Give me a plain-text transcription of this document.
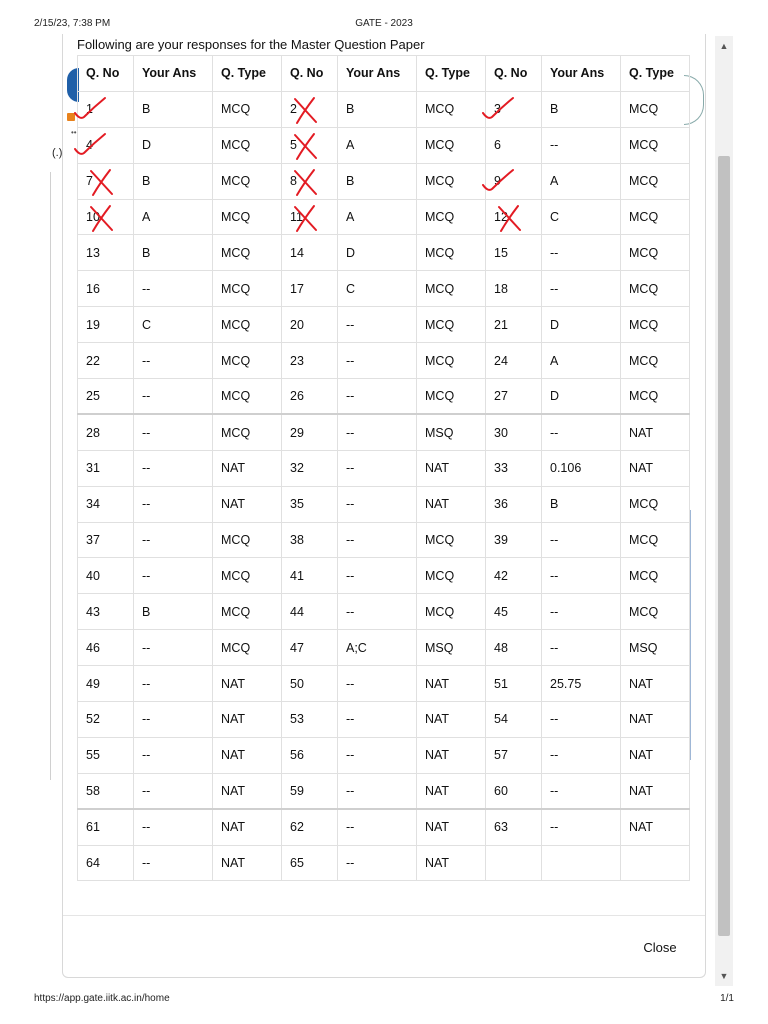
2/15/23, 7:38 PM	GATE - 2023
••
(.)
Following are your responses for the Master Question Paper
Q. No	Your Ans	Q. Type	Q. No	Your Ans	Q. Type	Q. No	Your Ans	Q. Type
1	B	MCQ	2	B	MCQ	3	B	MCQ
4	D	MCQ	5	A	MCQ	6	--	MCQ
7	B	MCQ	8	B	MCQ	9	A	MCQ
10	A	MCQ	11	A	MCQ	12	C	MCQ
13	B	MCQ	14	D	MCQ	15	--	MCQ
16	--	MCQ	17	C	MCQ	18	--	MCQ
19	C	MCQ	20	--	MCQ	21	D	MCQ
22	--	MCQ	23	--	MCQ	24	A	MCQ
25	--	MCQ	26	--	MCQ	27	D	MCQ
28	--	MCQ	29	--	MSQ	30	--	NAT
31	--	NAT	32	--	NAT	33	0.106	NAT
34	--	NAT	35	--	NAT	36	B	MCQ
37	--	MCQ	38	--	MCQ	39	--	MCQ
40	--	MCQ	41	--	MCQ	42	--	MCQ
43	B	MCQ	44	--	MCQ	45	--	MCQ
46	--	MCQ	47	A;C	MSQ	48	--	MSQ
49	--	NAT	50	--	NAT	51	25.75	NAT
52	--	NAT	53	--	NAT	54	--	NAT
55	--	NAT	56	--	NAT	57	--	NAT
58	--	NAT	59	--	NAT	60	--	NAT
61	--	NAT	62	--	NAT	63	--	NAT
64	--	NAT	65	--	NAT			
Close
▲
▼
https://app.gate.iitk.ac.in/home	1/1
